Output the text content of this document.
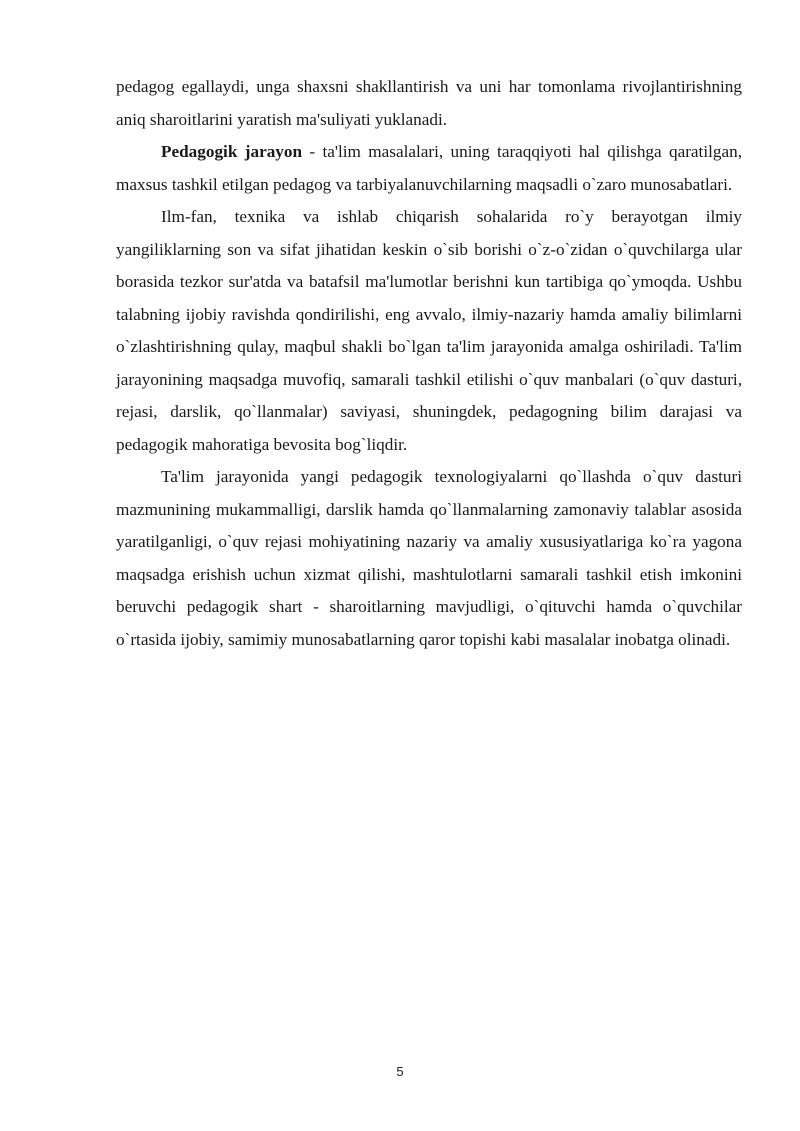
pedagog egallaydi, unga shaxsni shakllantirish va uni har tomonlama rivojlantirishning aniq sharoitlarini yaratish ma'suliyati yuklanadi.

Pedagogik jarayon - ta'lim masalalari, uning taraqqiyoti hal qilishga qaratilgan, maxsus tashkil etilgan pedagog va tarbiyalanuvchilarning maqsadli o`zaro munosabatlari.

Ilm-fan, texnika va ishlab chiqarish sohalarida ro`y berayotgan ilmiy yangiliklarning son va sifat jihatidan keskin o`sib borishi o`z-o`zidan o`quvchilarga ular borasida tezkor sur'atda va batafsil ma'lumotlar berishni kun tartibiga qo`ymoqda. Ushbu talabning ijobiy ravishda qondirilishi, eng avvalo, ilmiy-nazariy hamda amaliy bilimlarni o`zlashtirishning qulay, maqbul shakli bo`lgan ta'lim jarayonida amalga oshiriladi. Ta'lim jarayonining maqsadga muvofiq, samarali tashkil etilishi o`quv manbalari (o`quv dasturi, rejasi, darslik, qo`llanmalar) saviyasi, shuningdek, pedagogning bilim darajasi va pedagogik mahoratiga bevosita bog`liqdir.

Ta'lim jarayonida yangi pedagogik texnologiyalarni qo`llashda o`quv dasturi mazmunining mukammalligi, darslik hamda qo`llanmalarning zamonaviy talablar asosida yaratilganligi, o`quv rejasi mohiyatining nazariy va amaliy xususiyatlariga ko`ra yagona maqsadga erishish uchun xizmat qilishi, mashtulotlarni samarali tashkil etish imkonini beruvchi pedagogik shart - sharoitlarning mavjudligi, o`qituvchi hamda o`quvchilar o`rtasida ijobiy, samimiy munosabatlarning qaror topishi kabi masalalar inobatga olinadi.

5
